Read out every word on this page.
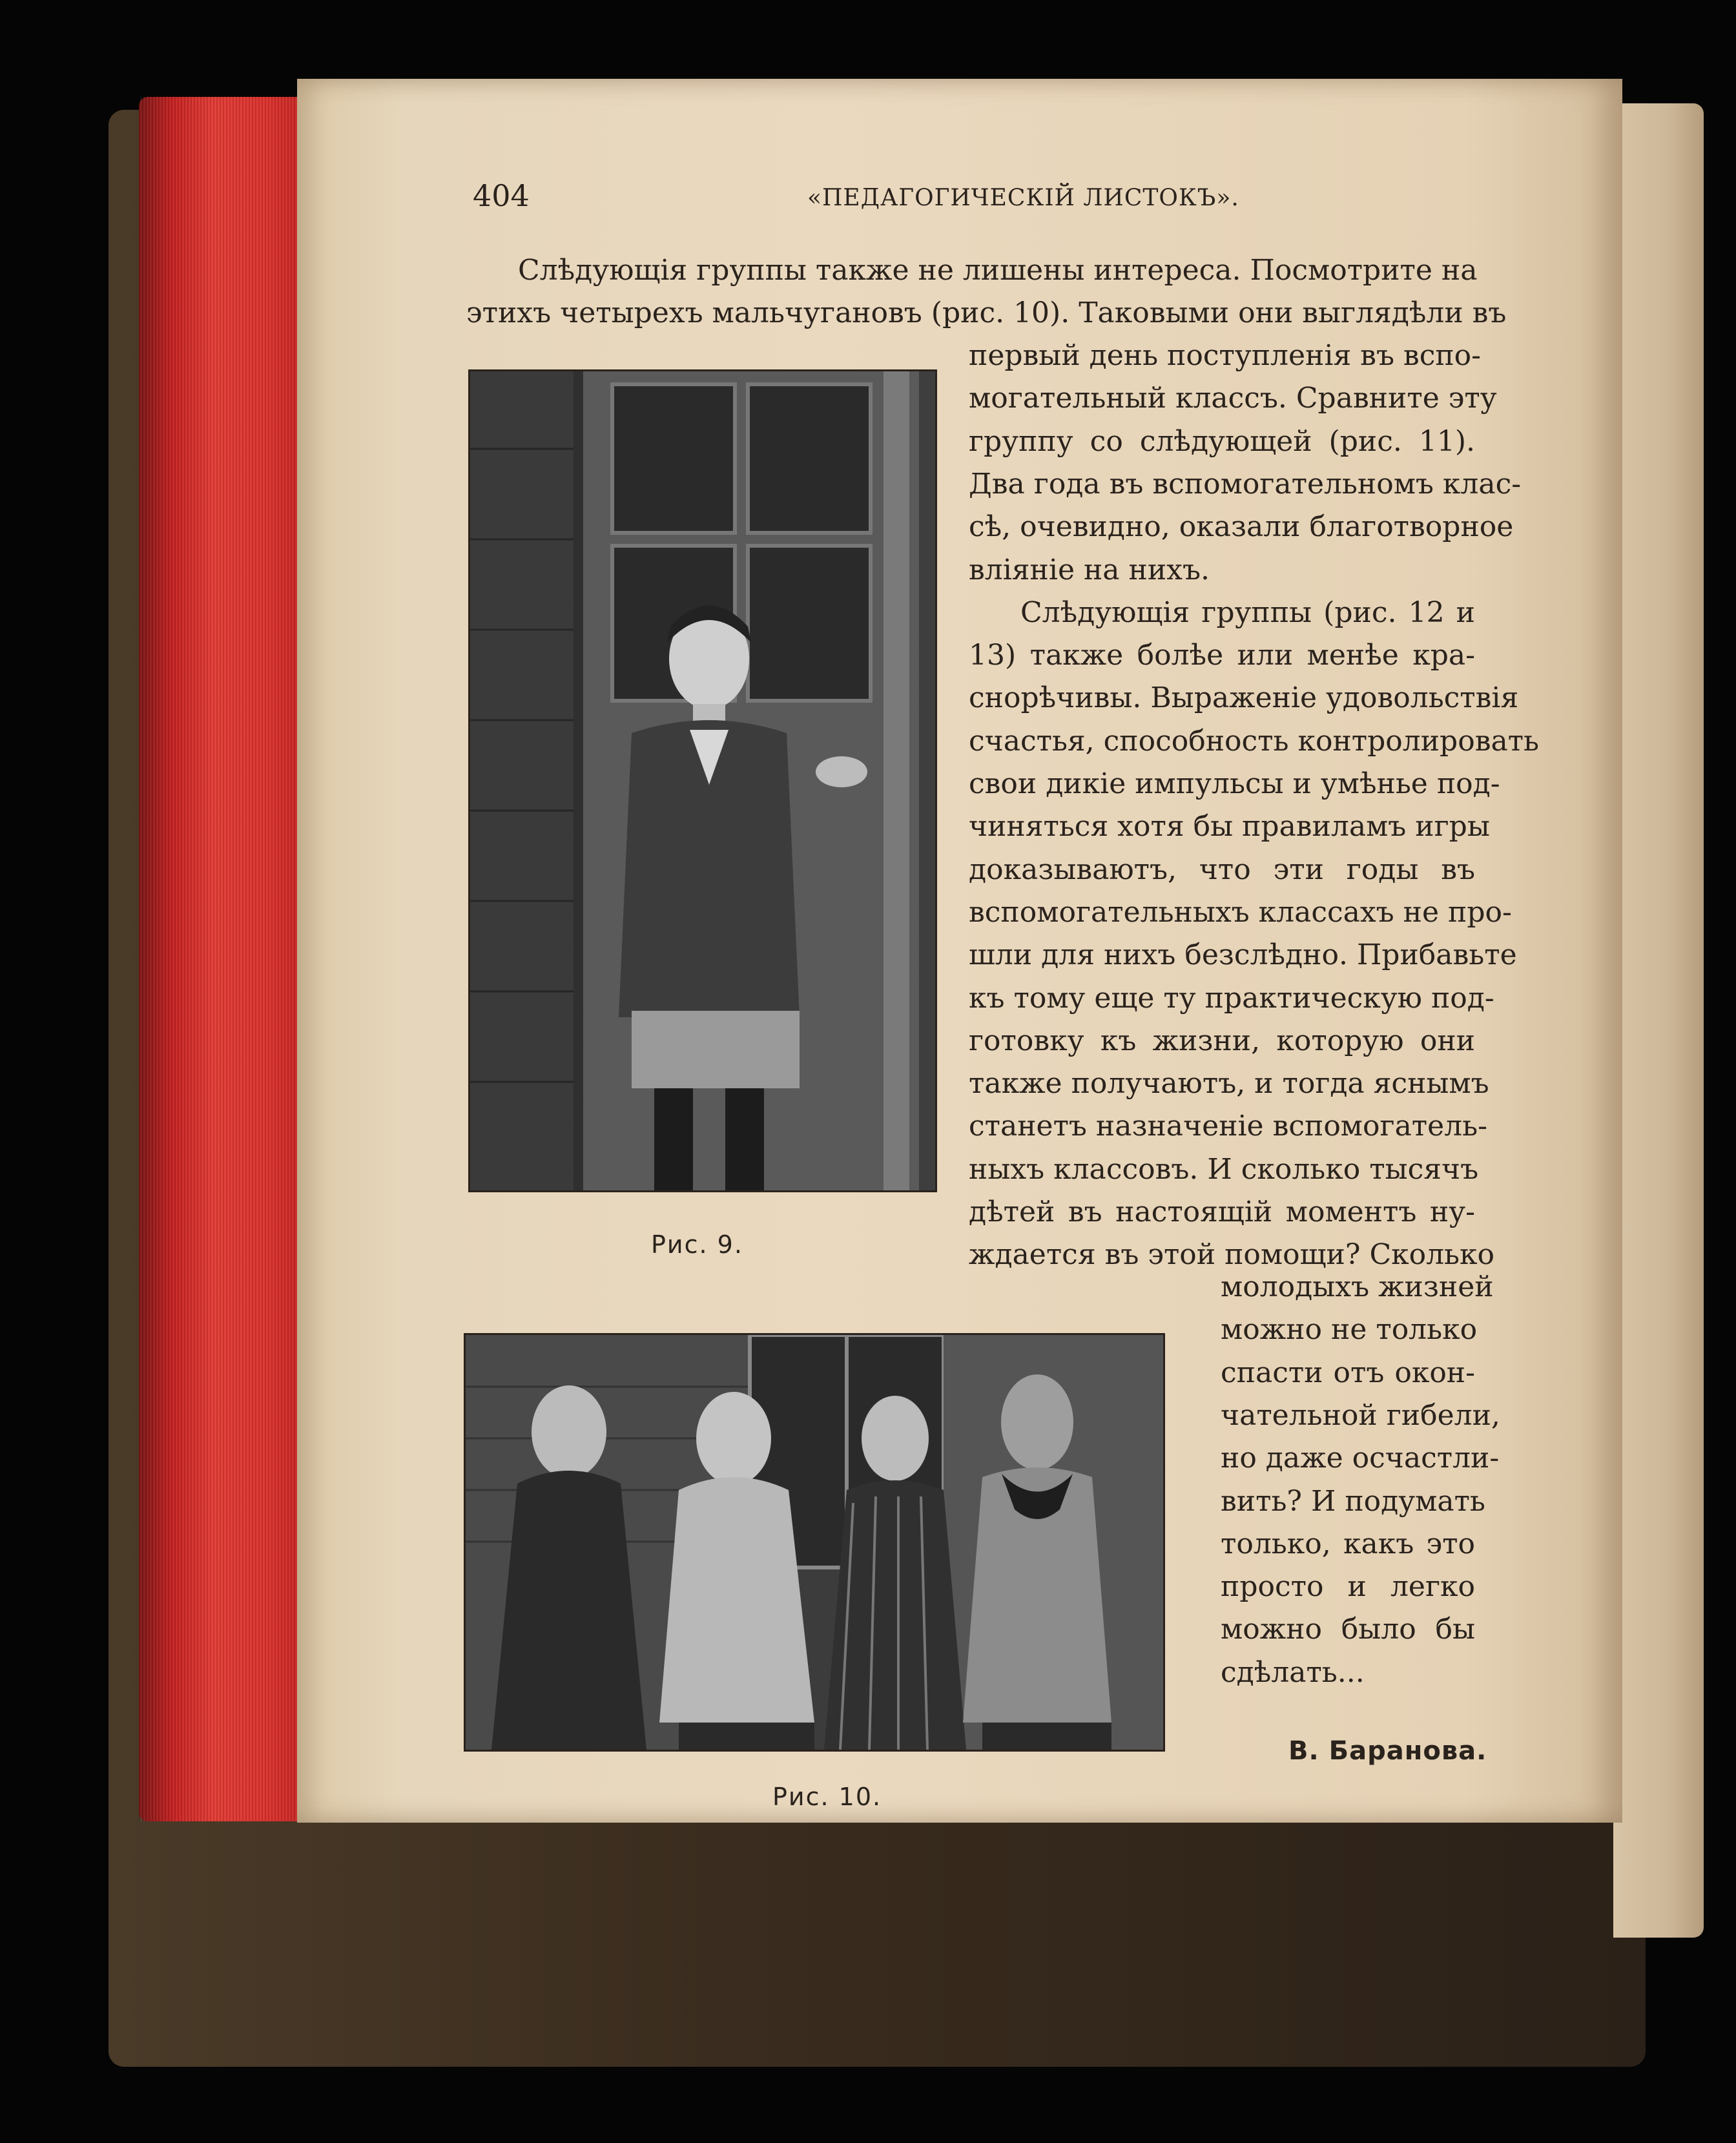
404	«ПЕДАГОГИЧЕСКІЙ ЛИСТОКЪ».
Слѣдующія группы также не лишены интереса. Посмотрите на
этихъ четырехъ мальчугановъ (рис. 10). Таковыми они выглядѣли въ
Рис. 9.
первый день поступленія въ вспо-
могательный классъ. Сравните эту
группу со слѣдующей (рис. 11).
Два года въ вспомогательномъ клас-
сѣ, очевидно, оказали благотворное
вліяніе на нихъ.
Слѣдующія группы (рис. 12 и
13) также болѣе или менѣе кра-
снорѣчивы. Выраженіе удовольствія
счастья, способность контролировать
свои дикіе импульсы и умѣнье под-
чиняться хотя бы правиламъ игры
доказываютъ, что эти годы въ
вспомогательныхъ классахъ не про-
шли для нихъ безслѣдно. Прибавьте
къ тому еще ту практическую под-
готовку къ жизни, которую они
также получаютъ, и тогда яснымъ
станетъ назначеніе вспомогатель-
ныхъ классовъ. И сколько тысячъ
дѣтей въ настоящій моментъ ну-
ждается въ этой помощи? Сколько
молодыхъ жизней
можно не только
спасти отъ окон-
чательной гибели,
но даже осчастли-
вить? И подумать
только, какъ это
просто и легко
можно было бы
сдѣлать...
Рис. 10.
В. Баранова.
